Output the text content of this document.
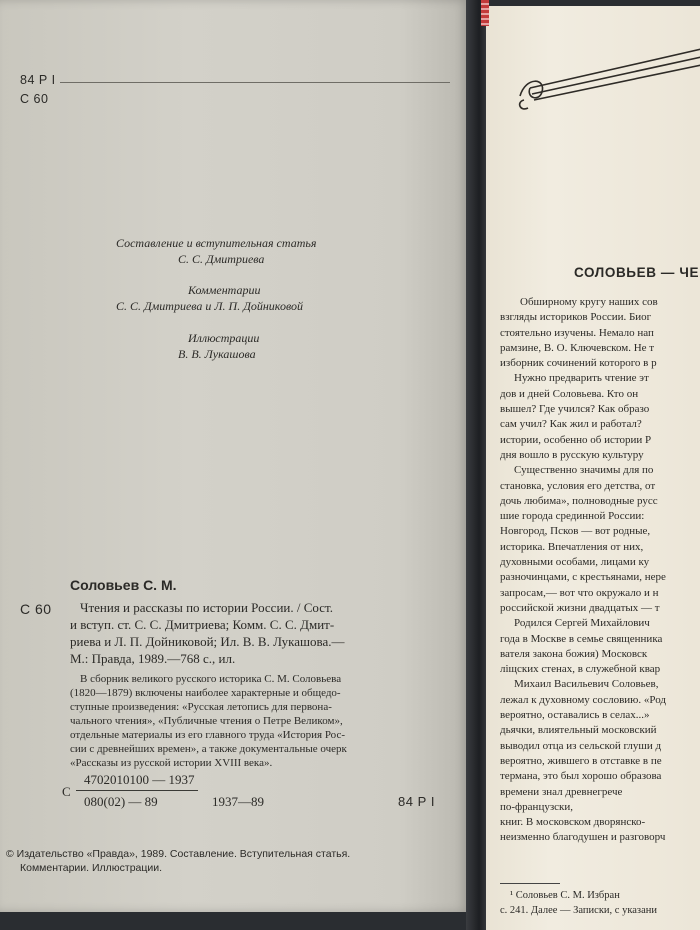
84 Р I
С 60
Составление и вступительная статья
С. С. Дмитриева
Комментарии
С. С. Дмитриева и Л. П. Дойниковой
Иллюстрации
В. В. Лукашова
Соловьев С. М.
С 60 Чтения и рассказы по истории России. / Сост.
и вступ. ст. С. С. Дмитриева; Комм. С. С. Дмит-
риева и Л. П. Дойниковой; Ил. В. В. Лукашова.—
М.: Правда, 1989.—768 с., ил.
В сборник великого русского историка С. М. Соловьева
(1820—1879) включены наиболее характерные и общедо-
ступные произведения: «Русская летопись для первона-
чального чтения», «Публичные чтения о Петре Великом»,
отдельные материалы из его главного труда «История Рос-
сии с древнейших времен», а также документальные очерк
«Рассказы из русской истории XVIII века».
С
4702010100 — 1937
080(02) — 89	1937—89	84 Р I
© Издательство «Правда», 1989. Составление. Вступительная статья.
Комментарии. Иллюстрации.
СОЛОВЬЕВ — ЧЕ
Обширному кругу наших сов
взгляды историков России. Биог
стоятельно изучены. Немало нап
рамзине, В. О. Ключевском. Не т
изборник сочинений которого в р
Нужно предварить чтение эт
дов и дней Соловьева. Кто он
вышел? Где учился? Как образо
сам учил? Как жил и работал?
истории, особенно об истории Р
дня вошло в русскую культуру
Существенно значимы для по
становка, условия его детства, от
дочь любима», полноводные русс
шие города срединной России:
Новгород, Псков — вот родные,
историка. Впечатления от них,
духовными особами, лицами ку
разночинцами, с крестьянами, нере
запросам,— вот что окружало и н
российской жизни двадцатых — т
Родился Сергей Михайлович
года в Москве в семье священника
вателя закона божия) Московск
ліщских стенах, в служебной квар
Михаил Васильевич Соловьев,
лежал к духовному сословию. «Род
вероятно, оставались в селах...»
дьячки, влиятельный московский
выводил отца из сельской глуши д
вероятно, жившего в отставке в пе
термана, это был хорошо образова
времени знал древнегрече
по-французски,
книг. В московском дворянско-
неизменно благодушен и разговорч
¹ Соловьев С. М. Избран
с. 241. Далее — Записки, с указани
